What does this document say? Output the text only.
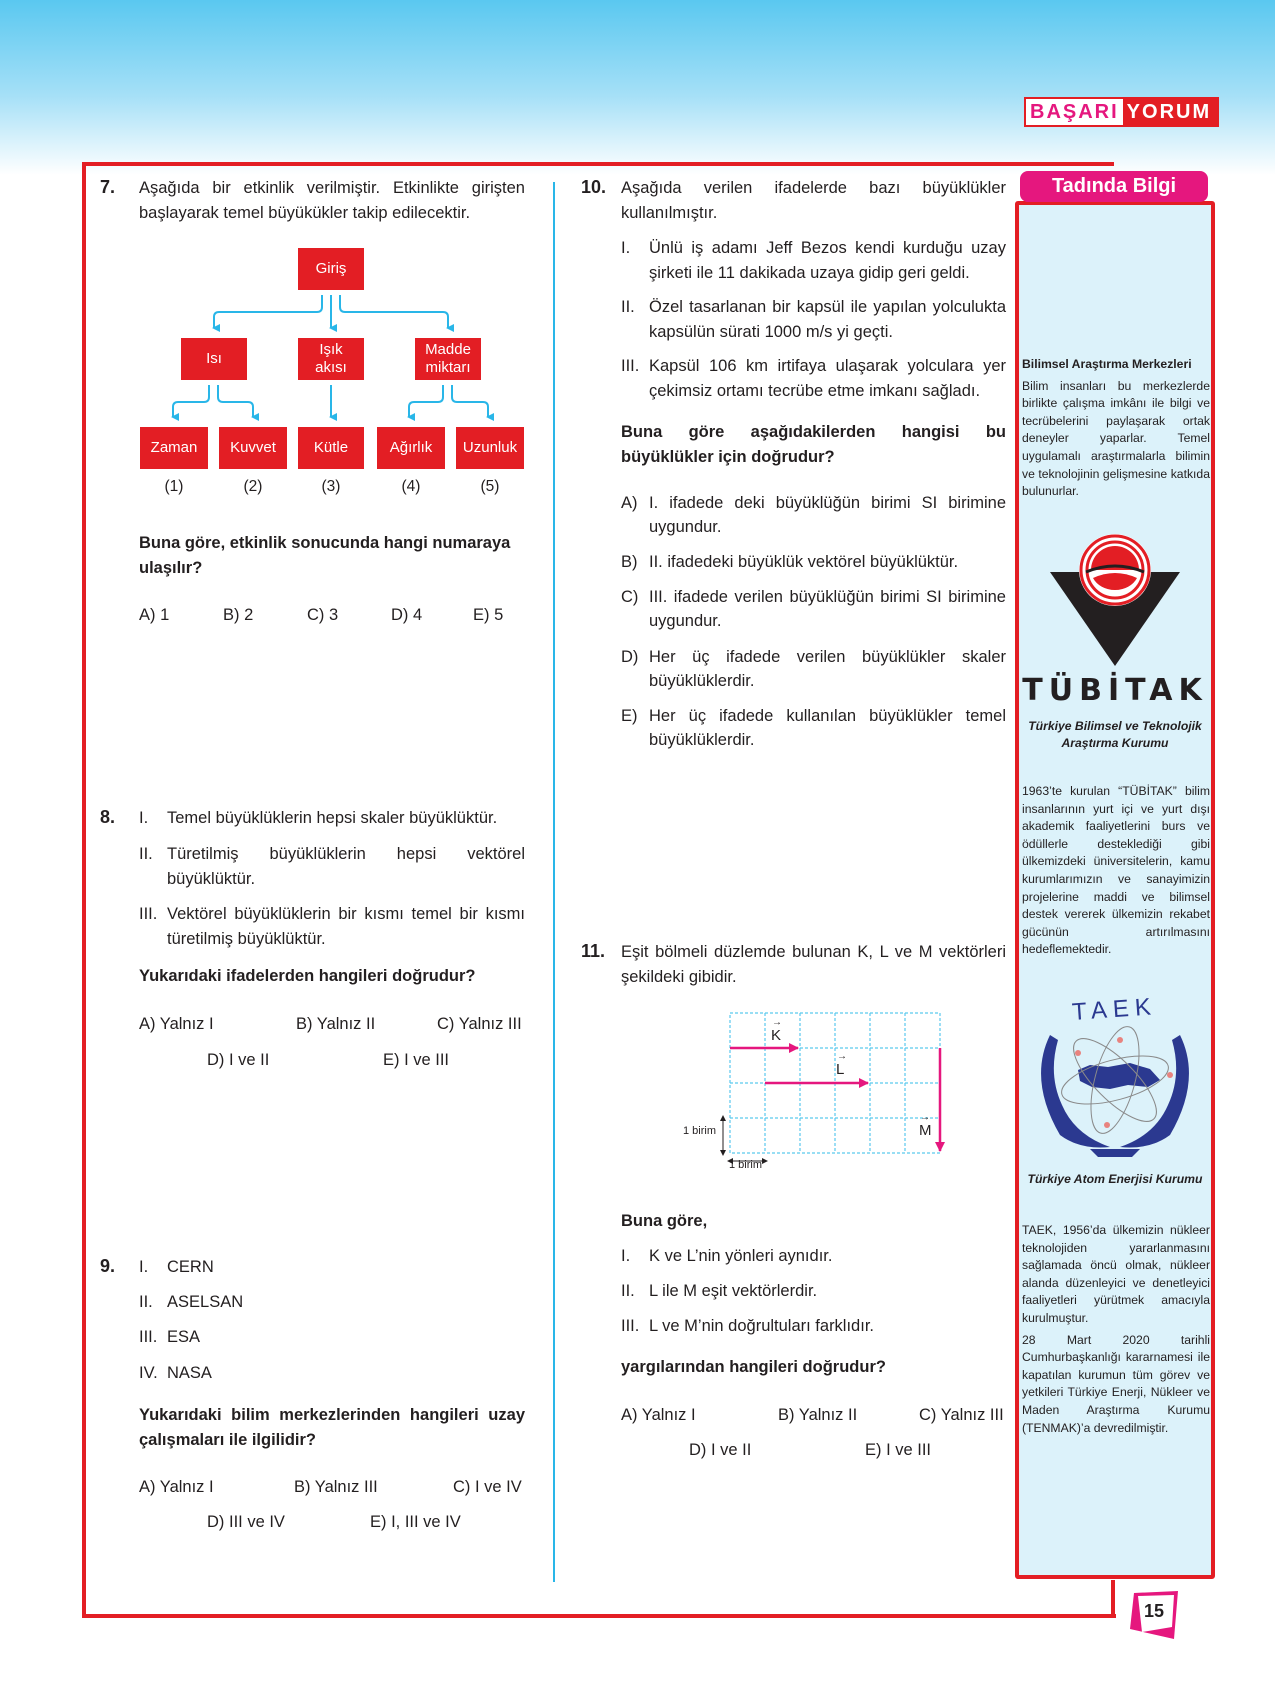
BAŞARI YORUM
7. Aşağıda bir etkinlik verilmiştir. Etkinlikte girişten başlayarak temel büyükükler takip edilecektir.
Giriş
Isı
Işık akısı
Madde miktarı
Zaman	Kuvvet	Kütle	Ağırlık	Uzunluk
(1)	(2)	(3)	(4)	(5)
Buna göre, etkinlik sonucunda hangi numaraya ulaşılır?
A) 1	B) 2	C) 3	D) 4	E) 5
8. I. Temel büyüklüklerin hepsi skaler büyüklüktür.
II. Türetilmiş büyüklüklerin hepsi vektörel büyüklüktür.
III. Vektörel büyüklüklerin bir kısmı temel bir kısmı türetilmiş büyüklüktür.
Yukarıdaki ifadelerden hangileri doğrudur?
A) Yalnız I	B) Yalnız II	C) Yalnız III
D) I ve II	E) I ve III
9. I. CERN
II. ASELSAN
III. ESA
IV. NASA
Yukarıdaki bilim merkezlerinden hangileri uzay çalışmaları ile ilgilidir?
A) Yalnız I	B) Yalnız III	C) I ve IV
D) III ve IV	E) I, III ve IV
10. Aşağıda verilen ifadelerde bazı büyüklükler kullanılmıştır.
I. Ünlü iş adamı Jeff Bezos kendi kurduğu uzay şirketi ile 11 dakikada uzaya gidip geri geldi.
II. Özel tasarlanan bir kapsül ile yapılan yolculukta kapsülün sürati 1000 m/s yi geçti.
III. Kapsül 106 km irtifaya ulaşarak yolculara yer çekimsiz ortamı tecrübe etme imkanı sağladı.
Buna göre aşağıdakilerden hangisi bu büyüklükler için doğrudur?
A) I. ifadede deki büyüklüğün birimi SI birimine uygundur.
B) II. ifadedeki büyüklük vektörel büyüklüktür.
C) III. ifadede verilen büyüklüğün birimi SI birimine uygundur.
D) Her üç ifadede verilen büyüklükler skaler büyüklüklerdir.
E) Her üç ifadede kullanılan büyüklükler temel büyüklüklerdir.
11. Eşit bölmeli düzlemde bulunan K, L ve M vektörleri şekildeki gibidir.
→
K
→
L
→
M
1 birim
1 birim
Buna göre,
I. K ve L’nin yönleri aynıdır.
II. L ile M eşit vektörlerdir.
III. L ve M’nin doğrultuları farklıdır.
yargılarından hangileri doğrudur?
A) Yalnız I	B) Yalnız II	C) Yalnız III
D) I ve II	E) I ve III
Tadında Bilgi

Bilimsel Araştırma Merkezleri

Bilim insanları bu merkezlerde birlikte çalışma imkânı ile bilgi ve tecrübelerini paylaşarak ortak deneyler yaparlar. Temel uygulamalı araştırmalarla bilimin ve teknolojinin gelişmesine katkıda bulunurlar.

TÜBİTAK
Türkiye Bilimsel ve Teknolojik
Araştırma Kurumu

1963’te kurulan “TÜBİTAK” bilim insanlarının yurt içi ve yurt dışı akademik faaliyetlerini burs ve ödüllerle desteklediği gibi ülkemizdeki üniversitelerin, kamu kurumlarımızın ve sanayimizin projelerine maddi ve bilimsel destek vererek ülkemizin rekabet gücünün artırılmasını hedeflemektedir.

TAEK
Türkiye Atom Enerjisi Kurumu

TAEK, 1956’da ülkemizin nükleer teknolojiden yararlanmasını sağlamada öncü olmak, nükleer alanda düzenleyici ve denetleyici faaliyetleri yürütmek amacıyla kurulmuştur.

28 Mart 2020 tarihli Cumhurbaşkanlığı kararnamesi ile kapatılan kurumun tüm görev ve yetkileri Türkiye Enerji, Nükleer ve Maden Araştırma Kurumu (TENMAK)’a devredilmiştir.

15
